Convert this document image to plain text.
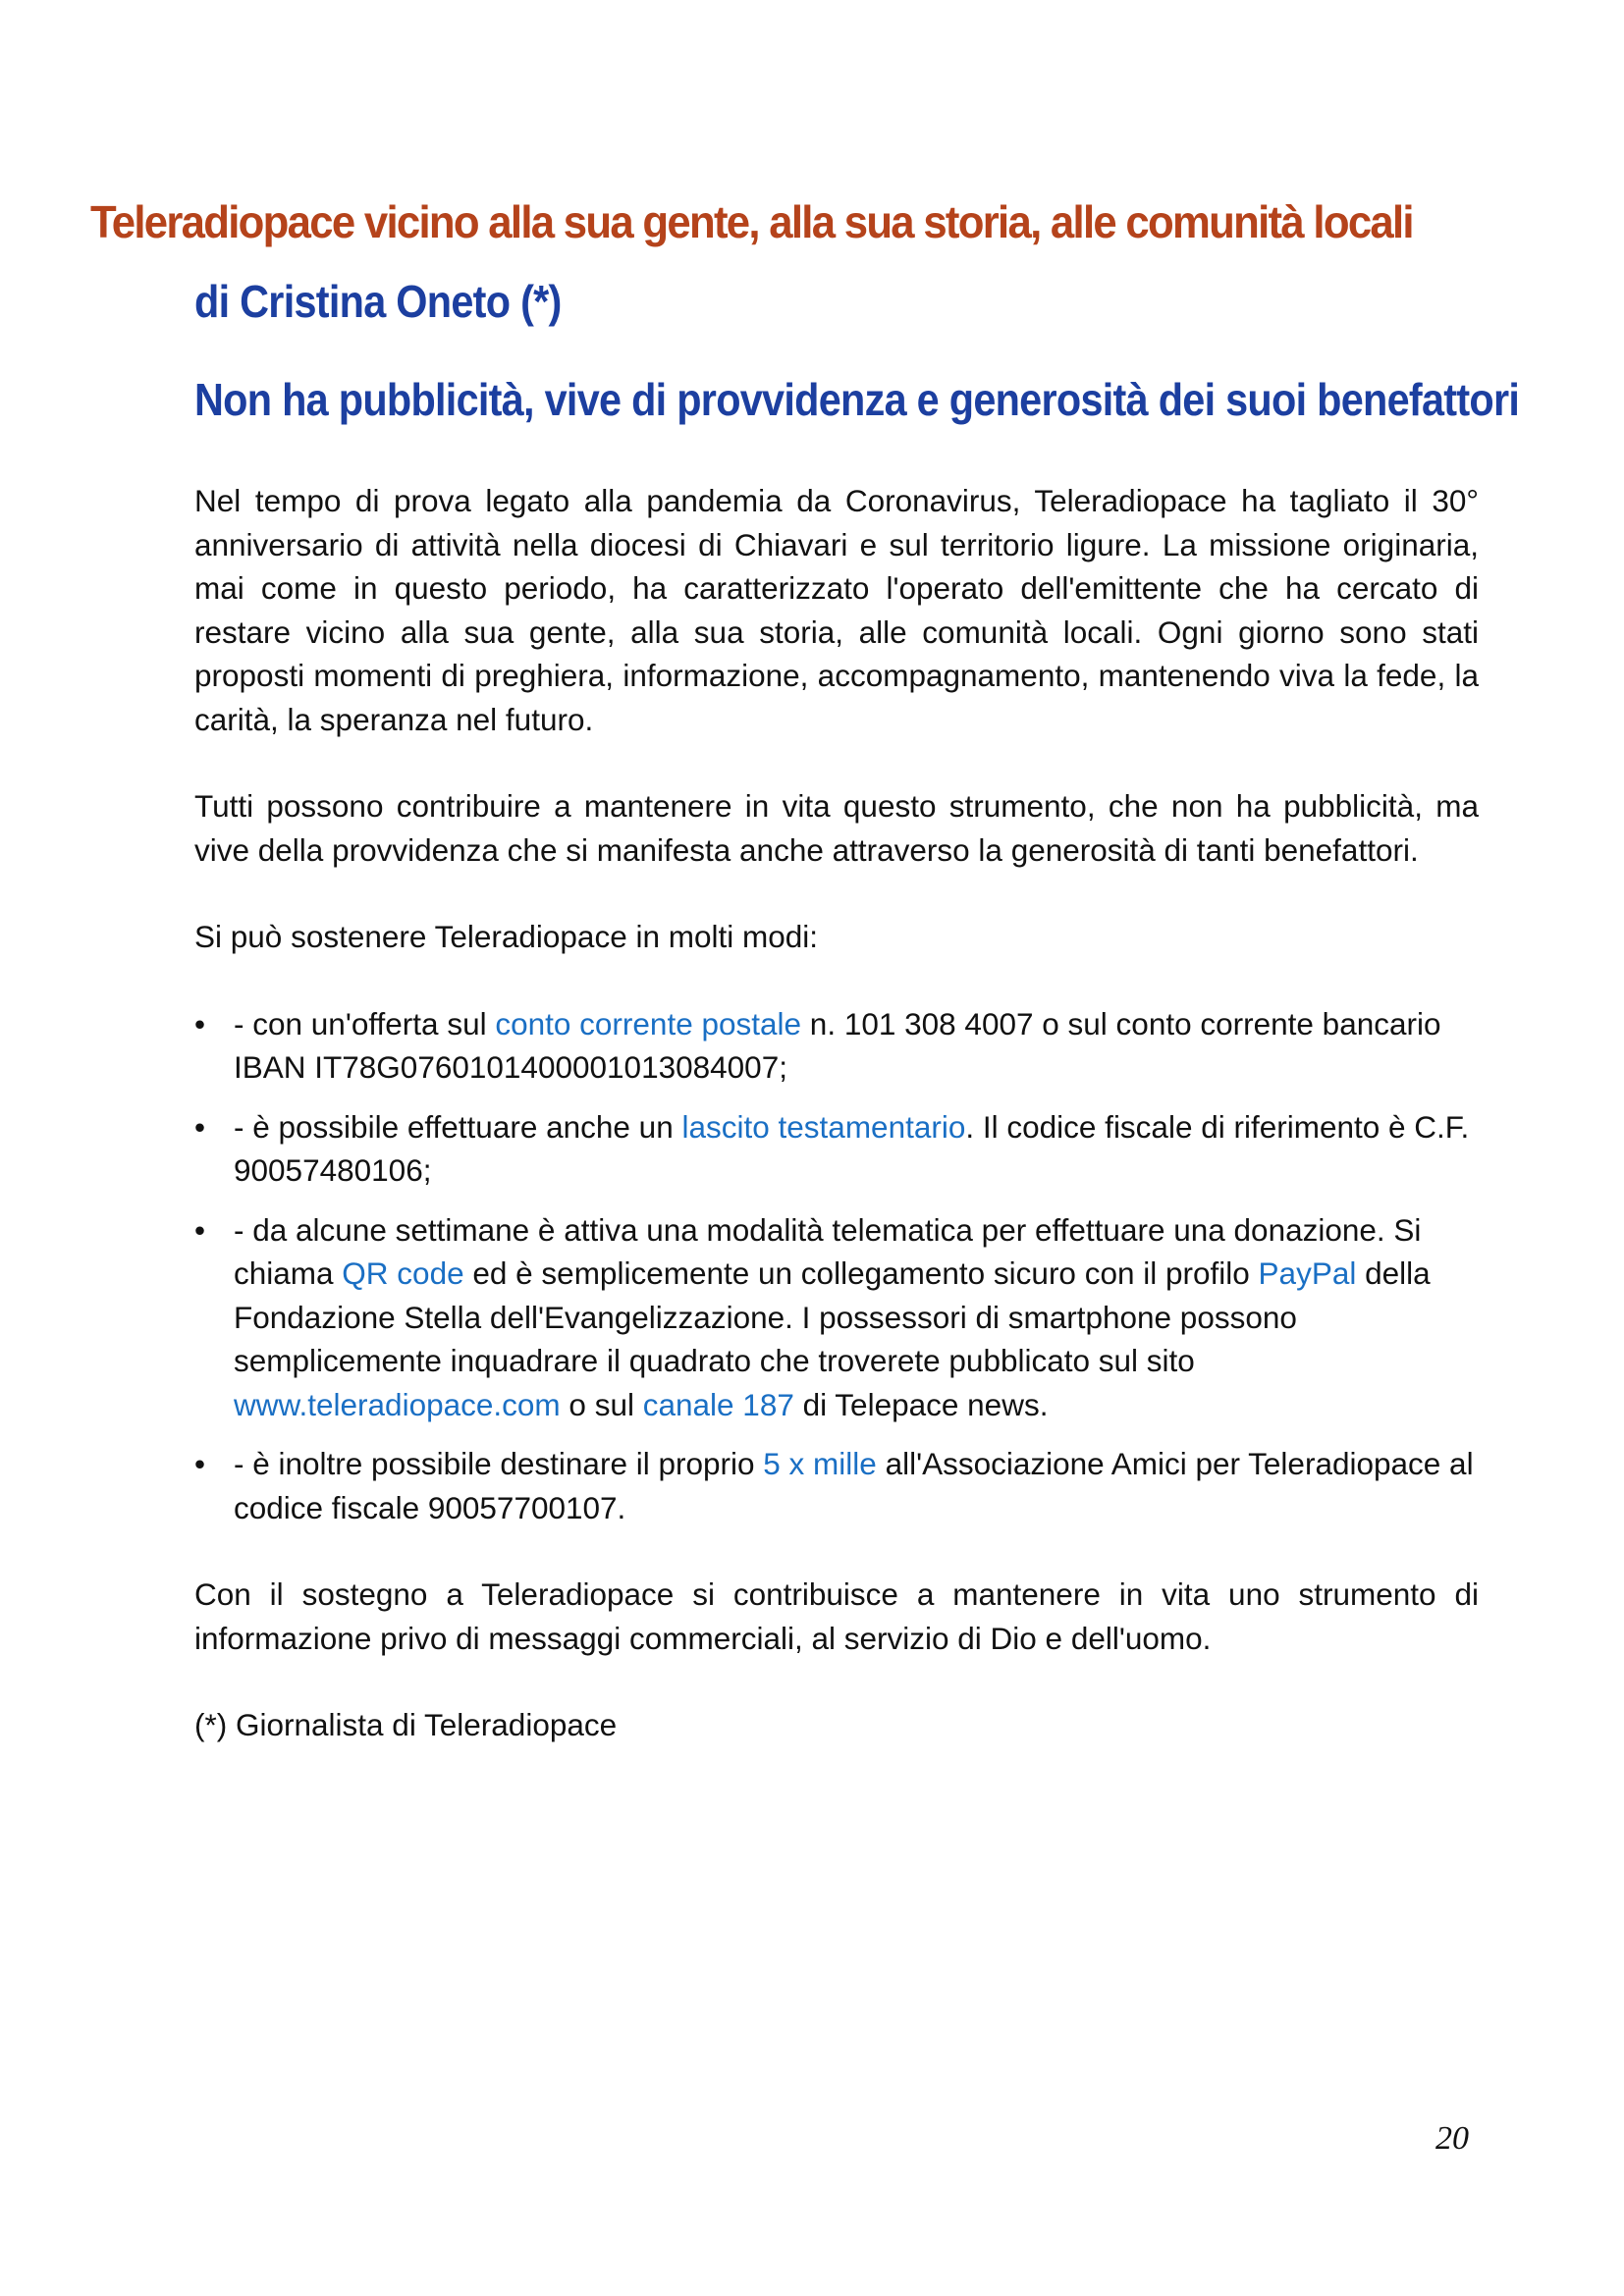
Teleradiopace vicino alla sua gente, alla sua storia, alle comunità locali
di Cristina Oneto (*)
Non ha pubblicità, vive di provvidenza e generosità dei suoi benefattori

Nel tempo di prova legato alla pandemia da Coronavirus, Teleradiopace ha tagliato il 30° anniversario di attività nella diocesi di Chiavari e sul territorio ligure. La missione originaria, mai come in questo periodo, ha caratterizzato l'operato dell'emittente che ha cercato di restare vicino alla sua gente, alla sua storia, alle comunità locali. Ogni giorno sono stati proposti momenti di preghiera, informazione, accompagnamento, mantenendo viva la fede, la carità, la speranza nel futuro.

Tutti possono contribuire a mantenere in vita questo strumento, che non ha pubblicità, ma vive della provvidenza che si manifesta anche attraverso la generosità di tanti benefattori.

Si può sostenere Teleradiopace in molti modi:

• - con un'offerta sul conto corrente postale n. 101 308 4007 o sul conto corrente bancario IBAN IT78G0760101400001013084007;
• - è possibile effettuare anche un lascito testamentario. Il codice fiscale di riferimento è C.F. 90057480106;
• - da alcune settimane è attiva una modalità telematica per effettuare una donazione. Si chiama QR code ed è semplicemente un collegamento sicuro con il profilo PayPal della Fondazione Stella dell'Evangelizzazione. I possessori di smartphone possono semplicemente inquadrare il quadrato che troverete pubblicato sul sito www.teleradiopace.com o sul canale 187 di Telepace news.
• - è inoltre possibile destinare il proprio 5 x mille all'Associazione Amici per Teleradiopace al codice fiscale 90057700107.

Con il sostegno a Teleradiopace si contribuisce a mantenere in vita uno strumento di informazione privo di messaggi commerciali, al servizio di Dio e dell'uomo.

(*) Giornalista di Teleradiopace

20
